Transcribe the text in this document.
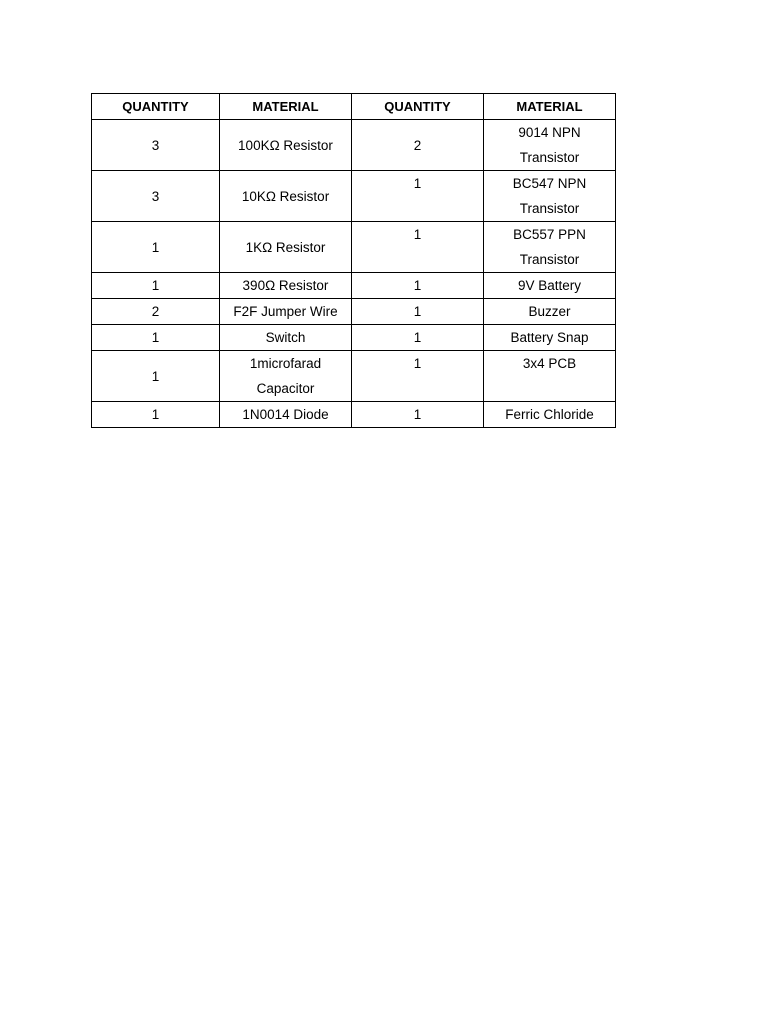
QUANTITY	MATERIAL	QUANTITY	MATERIAL
3	100KΩ Resistor	2	9014 NPN Transistor
3	10KΩ Resistor	1	BC547 NPN Transistor
1	1KΩ Resistor	1	BC557 PPN Transistor
1	390Ω Resistor	1	9V Battery
2	F2F Jumper Wire	1	Buzzer
1	Switch	1	Battery Snap
1	1microfarad Capacitor	1	3x4 PCB
1	1N0014 Diode	1	Ferric Chloride
